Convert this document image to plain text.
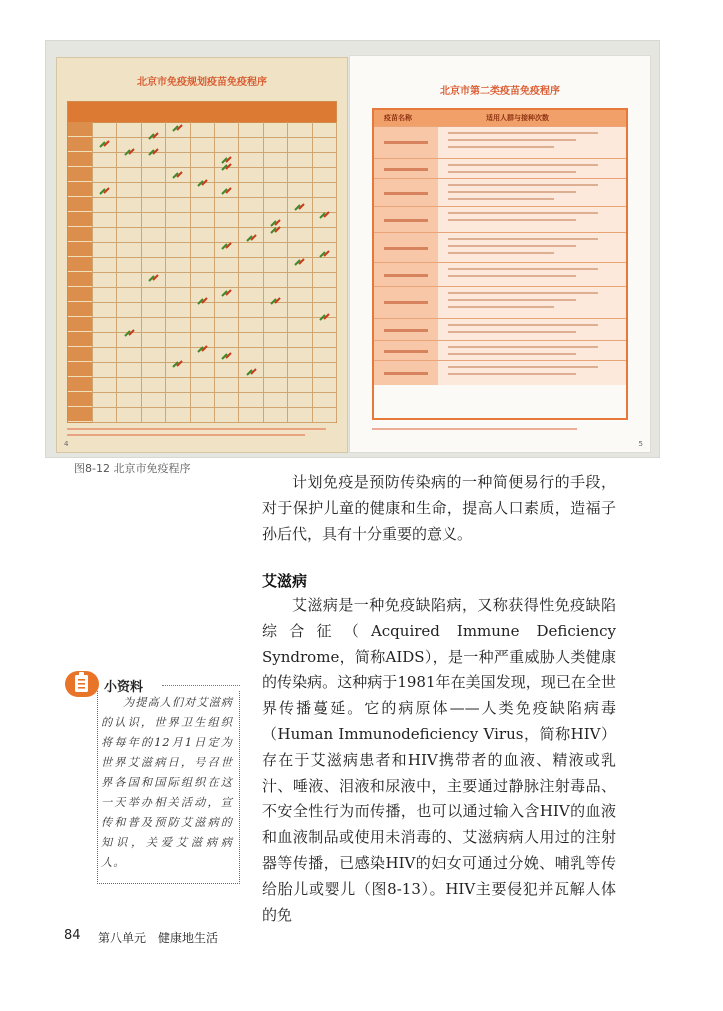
北京市免疫规划疫苗免疫程序
4
北京市第二类疫苗免疫程序
疫苗名称	适用人群与接种次数
5
图8-12 北京市免疫程序

计划免疫是预防传染病的一种简便易行的手段，对于保护儿童的健康和生命，提高人口素质，造福子孙后代，具有十分重要的意义。

艾滋病

艾滋病是一种免疫缺陷病，又称获得性免疫缺陷综合征（Acquired Immune Deficiency Syndrome，简称AIDS），是一种严重威胁人类健康的传染病。这种病于1981年在美国发现，现已在全世界传播蔓延。它的病原体——人类免疫缺陷病毒（Human Immunodeficiency Virus，简称HIV）存在于艾滋病患者和HIV携带者的血液、精液或乳汁、唾液、泪液和尿液中，主要通过静脉注射毒品、不安全性行为而传播，也可以通过输入含HIV的血液和血液制品或使用未消毒的、艾滋病病人用过的注射器等传播，已感染HIV的妇女可通过分娩、哺乳等传给胎儿或婴儿（图8-13）。HIV主要侵犯并瓦解人体的免

小资料

为提高人们对艾滋病的认识，世界卫生组织将每年的12月1日定为世界艾滋病日，号召世界各国和国际组织在这一天举办相关活动，宣传和普及预防艾滋病的知识，关爱艾滋病病人。

84 第八单元　健康地生活
